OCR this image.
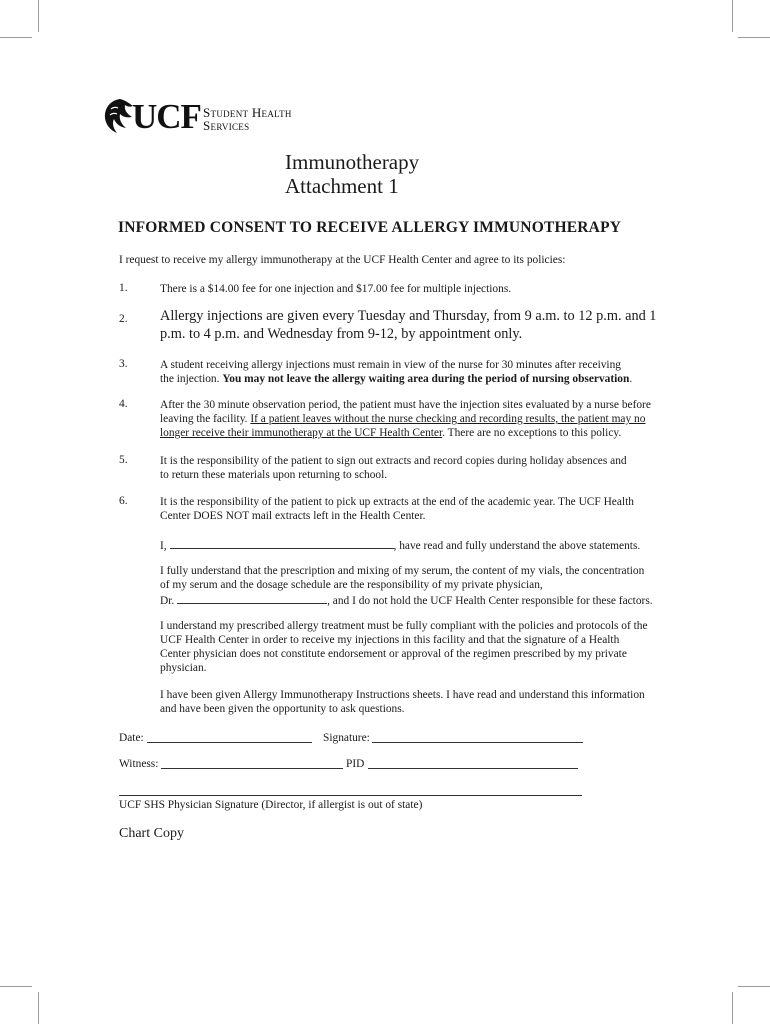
UCF Student Health
Services
Immunotherapy
Attachment 1
INFORMED CONSENT TO RECEIVE ALLERGY IMMUNOTHERAPY
I request to receive my allergy immunotherapy at the UCF Health Center and agree to its policies:
1.	There is a $14.00 fee for one injection and $17.00 fee for multiple injections.
2. Allergy injections are given every Tuesday and Thursday, from 9 a.m. to 12 p.m. and 1
p.m. to 4 p.m. and Wednesday from 9-12, by appointment only.
3.	A student receiving allergy injections must remain in view of the nurse for 30 minutes after receiving
the injection. You may not leave the allergy waiting area during the period of nursing observation.
4.	After the 30 minute observation period, the patient must have the injection sites evaluated by a nurse before
leaving the facility. If a patient leaves without the nurse checking and recording results, the patient may no
longer receive their immunotherapy at the UCF Health Center. There are no exceptions to this policy.
5.	It is the responsibility of the patient to sign out extracts and record copies during holiday absences and
to return these materials upon returning to school.
6.	It is the responsibility of the patient to pick up extracts at the end of the academic year. The UCF Health
Center DOES NOT mail extracts left in the Health Center.
I,	, have read and fully understand the above statements.
I fully understand that the prescription and mixing of my serum, the content of my vials, the concentration
of my serum and the dosage schedule are the responsibility of my private physician,
Dr.	, and I do not hold the UCF Health Center responsible for these factors.
I understand my prescribed allergy treatment must be fully compliant with the policies and protocols of the
UCF Health Center in order to receive my injections in this facility and that the signature of a Health
Center physician does not constitute endorsement or approval of the regimen prescribed by my private
physician.
I have been given Allergy Immunotherapy Instructions sheets. I have read and understand this information
and have been given the opportunity to ask questions.
Date:	Signature:
Witness:	PID
UCF SHS Physician Signature (Director, if allergist is out of state)
Chart Copy
